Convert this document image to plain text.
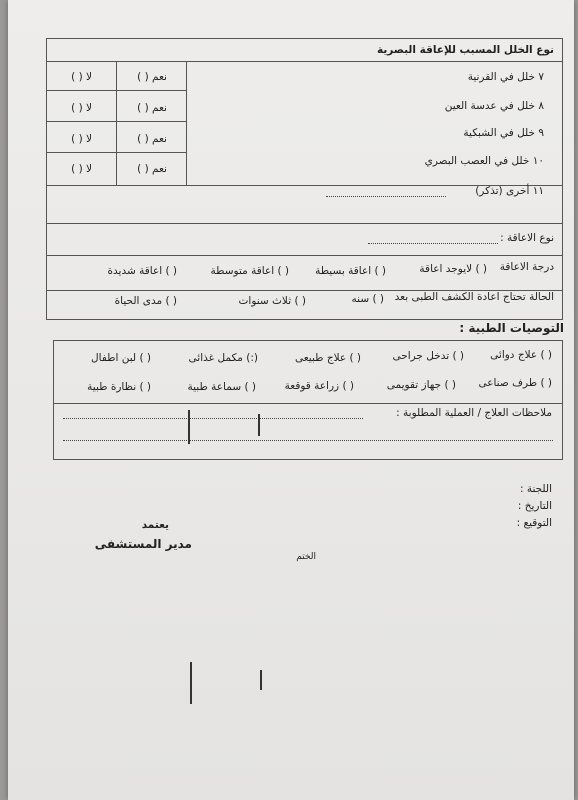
نوع الخلل المسبب للإعاقة البصرية
٧ خلل في القرنية
نعم ( )
لا ( )
٨ خلل في عدسة العين
نعم ( )
لا ( )
٩ خلل في الشبكية
نعم ( )
لا ( )
١٠ خلل في العصب البصري
نعم ( )
لا ( )
١١ أخرى (تذكر)
نوع الاعاقة :
درجة الاعاقة
( ) لايوجد اعاقة
( ) اعاقة بسيطة
( ) اعاقة متوسطة
( ) اعاقة شديدة
الحالة تحتاج اعادة الكشف الطبى بعد
( ) سنه
( ) ثلاث سنوات
( ) مدى الحياة
التوصيات الطبية :
( ) علاج دوائى
( ) تدخل جراحى
( ) علاج طبيعى
(:) مكمل غذائى
( ) لبن اطفال
( ) طرف صناعى
( ) جهاز تقويمى
( ) زراعة قوقعة
( ) سماعة طبية
( ) نظارة طبية
ملاحظات العلاج / العملية المطلوبة :
اللجنة :
التاريخ :
التوقيع :
يعتمد
مدير المستشفى
الختم
